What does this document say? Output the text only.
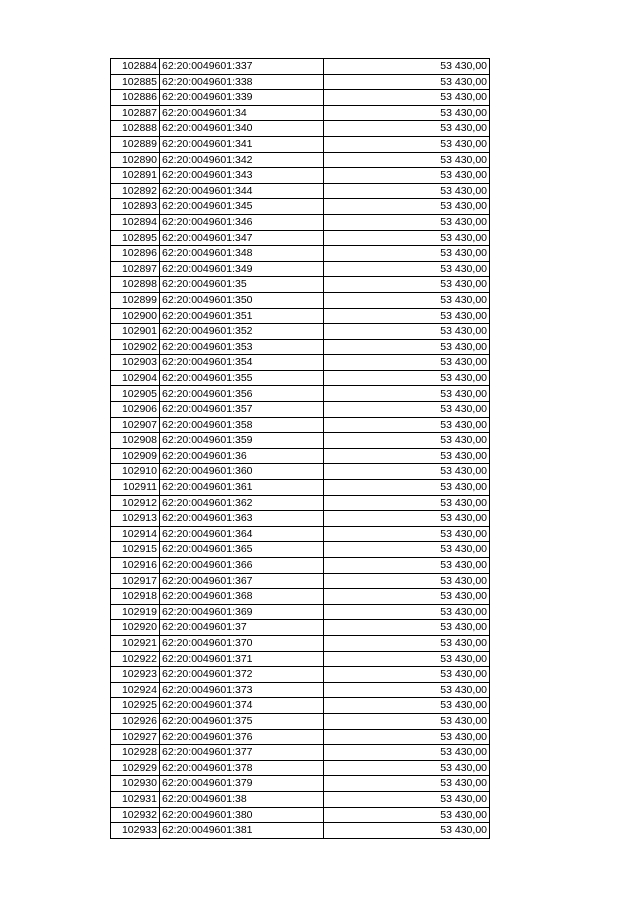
102884	62:20:0049601:337	53 430,00
102885	62:20:0049601:338	53 430,00
102886	62:20:0049601:339	53 430,00
102887	62:20:0049601:34	53 430,00
102888	62:20:0049601:340	53 430,00
102889	62:20:0049601:341	53 430,00
102890	62:20:0049601:342	53 430,00
102891	62:20:0049601:343	53 430,00
102892	62:20:0049601:344	53 430,00
102893	62:20:0049601:345	53 430,00
102894	62:20:0049601:346	53 430,00
102895	62:20:0049601:347	53 430,00
102896	62:20:0049601:348	53 430,00
102897	62:20:0049601:349	53 430,00
102898	62:20:0049601:35	53 430,00
102899	62:20:0049601:350	53 430,00
102900	62:20:0049601:351	53 430,00
102901	62:20:0049601:352	53 430,00
102902	62:20:0049601:353	53 430,00
102903	62:20:0049601:354	53 430,00
102904	62:20:0049601:355	53 430,00
102905	62:20:0049601:356	53 430,00
102906	62:20:0049601:357	53 430,00
102907	62:20:0049601:358	53 430,00
102908	62:20:0049601:359	53 430,00
102909	62:20:0049601:36	53 430,00
102910	62:20:0049601:360	53 430,00
102911	62:20:0049601:361	53 430,00
102912	62:20:0049601:362	53 430,00
102913	62:20:0049601:363	53 430,00
102914	62:20:0049601:364	53 430,00
102915	62:20:0049601:365	53 430,00
102916	62:20:0049601:366	53 430,00
102917	62:20:0049601:367	53 430,00
102918	62:20:0049601:368	53 430,00
102919	62:20:0049601:369	53 430,00
102920	62:20:0049601:37	53 430,00
102921	62:20:0049601:370	53 430,00
102922	62:20:0049601:371	53 430,00
102923	62:20:0049601:372	53 430,00
102924	62:20:0049601:373	53 430,00
102925	62:20:0049601:374	53 430,00
102926	62:20:0049601:375	53 430,00
102927	62:20:0049601:376	53 430,00
102928	62:20:0049601:377	53 430,00
102929	62:20:0049601:378	53 430,00
102930	62:20:0049601:379	53 430,00
102931	62:20:0049601:38	53 430,00
102932	62:20:0049601:380	53 430,00
102933	62:20:0049601:381	53 430,00
